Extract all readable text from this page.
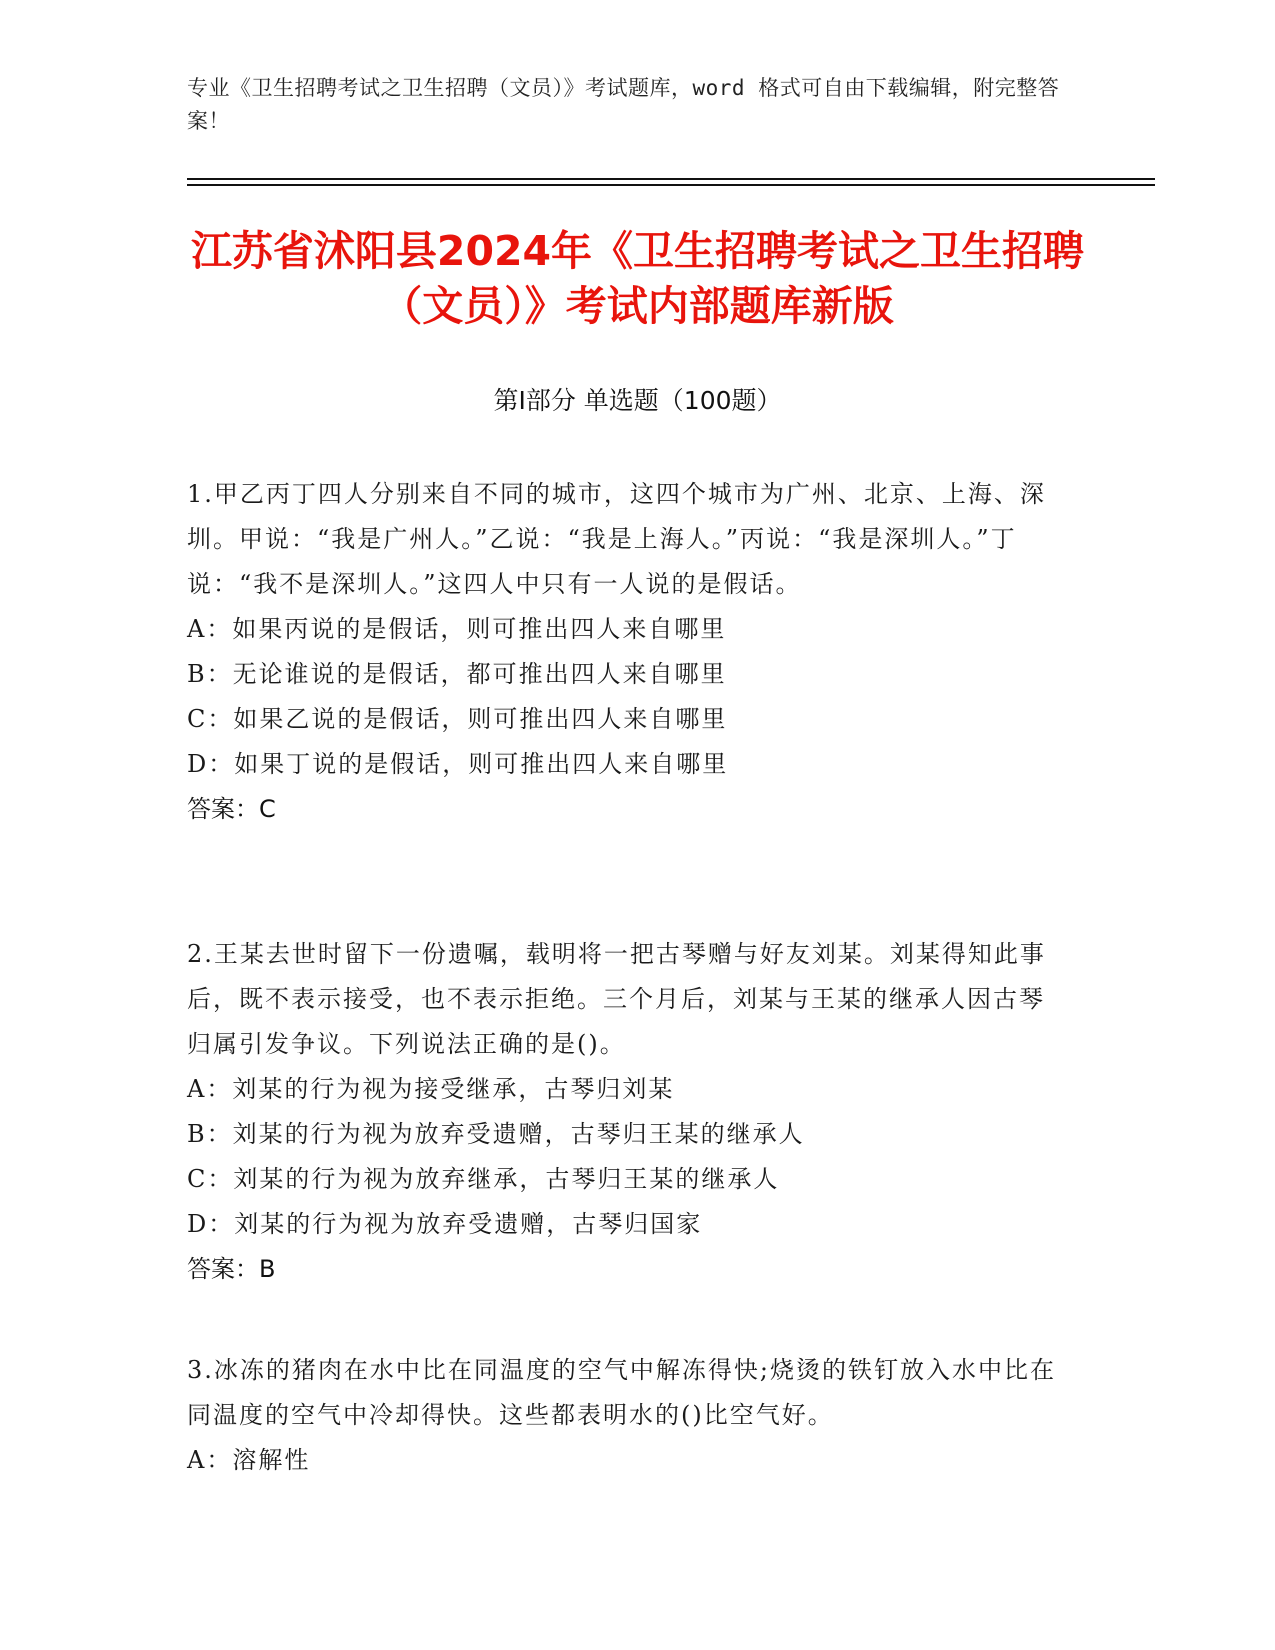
专业《卫生招聘考试之卫生招聘（文员）》考试题库，word 格式可自由下载编辑，附完整答案！
江苏省沭阳县2024年《卫生招聘考试之卫生招聘（文员）》考试内部题库新版
第Ⅰ部分 单选题（100题）

1.甲乙丙丁四人分别来自不同的城市，这四个城市为广州、北京、上海、深圳。甲说：“我是广州人。”乙说：“我是上海人。”丙说：“我是深圳人。”丁说：“我不是深圳人。”这四人中只有一人说的是假话。

A：如果丙说的是假话，则可推出四人来自哪里

B：无论谁说的是假话，都可推出四人来自哪里

C：如果乙说的是假话，则可推出四人来自哪里

D：如果丁说的是假话，则可推出四人来自哪里

答案：C

2.王某去世时留下一份遗嘱，载明将一把古琴赠与好友刘某。刘某得知此事后，既不表示接受，也不表示拒绝。三个月后，刘某与王某的继承人因古琴归属引发争议。下列说法正确的是()。

A：刘某的行为视为接受继承，古琴归刘某

B：刘某的行为视为放弃受遗赠，古琴归王某的继承人

C：刘某的行为视为放弃继承，古琴归王某的继承人

D：刘某的行为视为放弃受遗赠，古琴归国家

答案：B

3.冰冻的猪肉在水中比在同温度的空气中解冻得快;烧烫的铁钉放入水中比在同温度的空气中冷却得快。这些都表明水的()比空气好。

A：溶解性
